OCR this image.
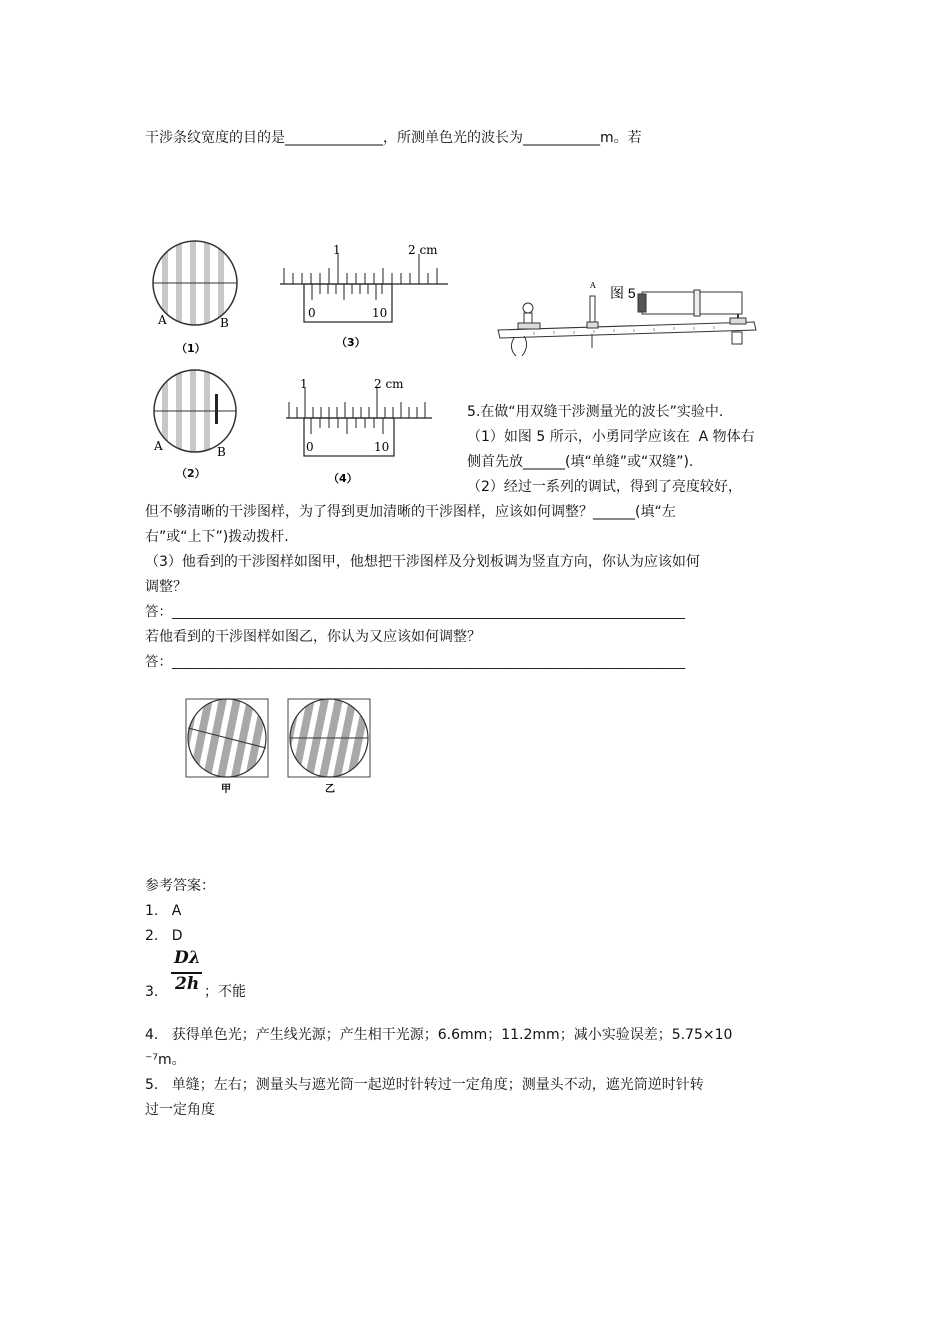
干涉条纹宽度的目的是______________，所测单色光的波长为___________m。若
A	B
（1）
A	B
（2）
1	2 cm
0	10
（3）
1	2 cm
0	10
（4）
A 图 5
5.在做“用双缝干涉测量光的波长”实验中.
（1）如图 5 所示，小勇同学应该在  A 物体右
侧首先放______(填“单缝”或“双缝”).
（2）经过一系列的调试，得到了亮度较好，
但不够清晰的干涉图样，为了得到更加清晰的干涉图样，应该如何调整？______(填“左
右”或“上下”)拨动拨杆.
（3）他看到的干涉图样如图甲，他想把干涉图样及分划板调为竖直方向，你认为应该如何
调整？
答：____________________________________________________________________________
若他看到的干涉图样如图乙，你认为又应该如何调整？
答：____________________________________________________________________________
甲	乙
参考答案：
1.   A
2.   D
3.
Dλ
2h ；不能
4.   获得单色光；产生线光源；产生相干光源；6.6mm；11.2mm；减小实验误差；5.75×10
⁻⁷m。
5.   单缝；左右；测量头与遮光筒一起逆时针转过一定角度；测量头不动，遮光筒逆时针转
过一定角度
